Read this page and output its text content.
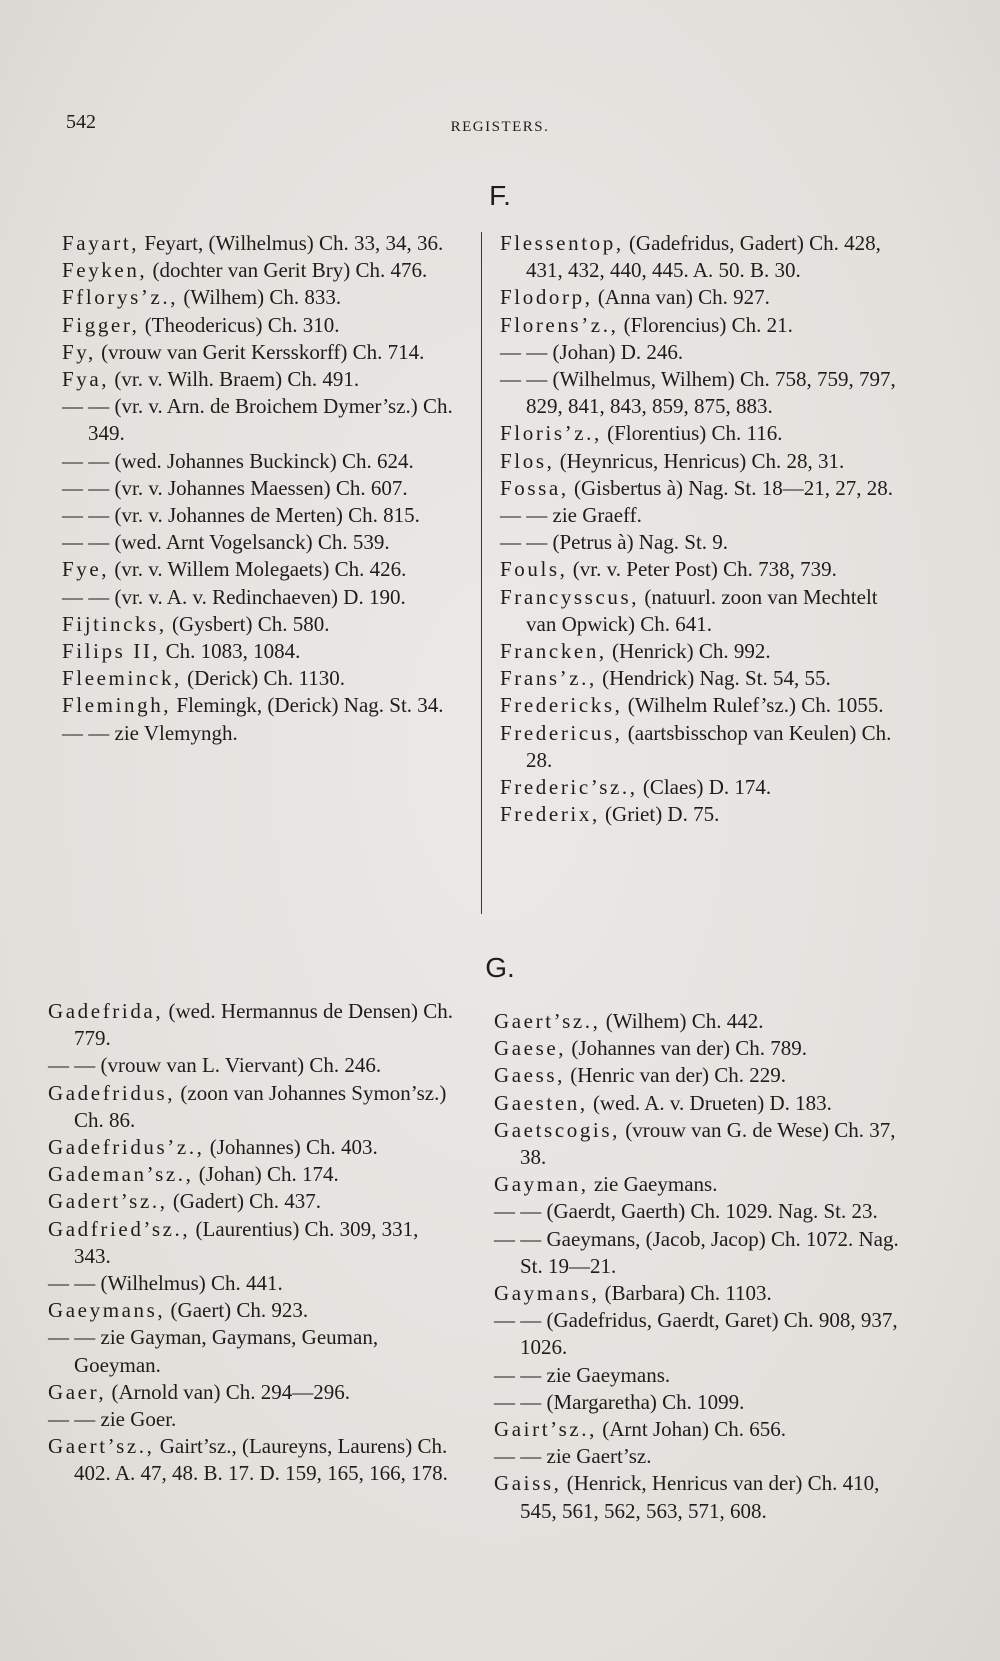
542	REGISTERS.
F.
Fayart, Feyart, (Wilhelmus) Ch. 33, 34, 36.
Feyken, (dochter van Gerit Bry) Ch. 476.
Fflorys’z., (Wilhem) Ch. 833.
Figger, (Theodericus) Ch. 310.
Fy, (vrouw van Gerit Kersskorff) Ch. 714.
Fya, (vr. v. Wilh. Braem) Ch. 491.
— — (vr. v. Arn. de Broichem Dymer’sz.) Ch. 349.
— — (wed. Johannes Buckinck) Ch. 624.
— — (vr. v. Johannes Maessen) Ch. 607.
— — (vr. v. Johannes de Merten) Ch. 815.
— — (wed. Arnt Vogelsanck) Ch. 539.
Fye, (vr. v. Willem Molegaets) Ch. 426.
— — (vr. v. A. v. Redinchaeven) D. 190.
Fijtincks, (Gysbert) Ch. 580.
Filips II, Ch. 1083, 1084.
Fleeminck, (Derick) Ch. 1130.
Flemingh, Flemingk, (Derick) Nag. St. 34.
— — zie Vlemyngh.
Flessentop, (Gadefridus, Gadert) Ch. 428, 431, 432, 440, 445. A. 50. B. 30.
Flodorp, (Anna van) Ch. 927.
Florens’z., (Florencius) Ch. 21.
— — (Johan) D. 246.
— — (Wilhelmus, Wilhem) Ch. 758, 759, 797, 829, 841, 843, 859, 875, 883.
Floris’z., (Florentius) Ch. 116.
Flos, (Heynricus, Henricus) Ch. 28, 31.
Fossa, (Gisbertus à) Nag. St. 18—21, 27, 28.
— — zie Graeff.
— — (Petrus à) Nag. St. 9.
Fouls, (vr. v. Peter Post) Ch. 738, 739.
Francysscus, (natuurl. zoon van Mechtelt van Opwick) Ch. 641.
Francken, (Henrick) Ch. 992.
Frans’z., (Hendrick) Nag. St. 54, 55.
Fredericks, (Wilhelm Rulef’sz.) Ch. 1055.
Fredericus, (aartsbisschop van Keulen) Ch. 28.
Frederic’sz., (Claes) D. 174.
Frederix, (Griet) D. 75.
G.
Gadefrida, (wed. Hermannus de Densen) Ch. 779.
— — (vrouw van L. Viervant) Ch. 246.
Gadefridus, (zoon van Johannes Symon’sz.) Ch. 86.
Gadefridus’z., (Johannes) Ch. 403.
Gademan’sz., (Johan) Ch. 174.
Gadert’sz., (Gadert) Ch. 437.
Gadfried’sz., (Laurentius) Ch. 309, 331, 343.
— — (Wilhelmus) Ch. 441.
Gaeymans, (Gaert) Ch. 923.
— — zie Gayman, Gaymans, Geuman, Goeyman.
Gaer, (Arnold van) Ch. 294—296.
— — zie Goer.
Gaert’sz., Gairt’sz., (Laureyns, Laurens) Ch. 402. A. 47, 48. B. 17. D. 159, 165, 166, 178.
Gaert’sz., (Wilhem) Ch. 442.
Gaese, (Johannes van der) Ch. 789.
Gaess, (Henric van der) Ch. 229.
Gaesten, (wed. A. v. Drueten) D. 183.
Gaetscogis, (vrouw van G. de Wese) Ch. 37, 38.
Gayman, zie Gaeymans.
— — (Gaerdt, Gaerth) Ch. 1029. Nag. St. 23.
— — Gaeymans, (Jacob, Jacop) Ch. 1072. Nag. St. 19—21.
Gaymans, (Barbara) Ch. 1103.
— — (Gadefridus, Gaerdt, Garet) Ch. 908, 937, 1026.
— — zie Gaeymans.
— — (Margaretha) Ch. 1099.
Gairt’sz., (Arnt Johan) Ch. 656.
— — zie Gaert’sz.
Gaiss, (Henrick, Henricus van der) Ch. 410, 545, 561, 562, 563, 571, 608.
